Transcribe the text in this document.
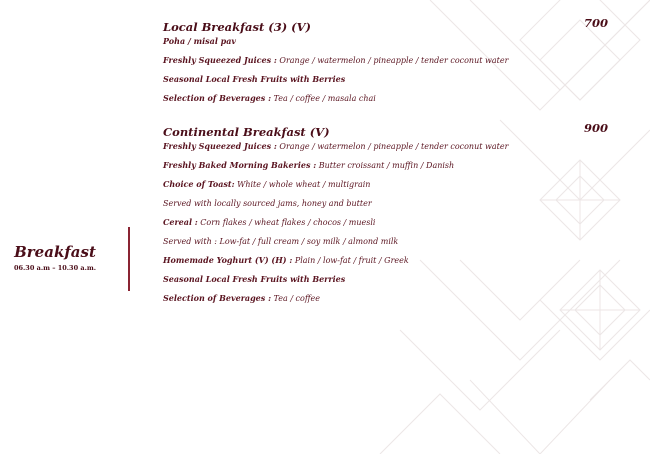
Breakfast
06.30 a.m – 10.30 a.m.
Local Breakfast (3) (V)	700
Poha / misal pav
Freshly Squeezed Juices : Orange / watermelon / pineapple / tender coconut water
Seasonal Local Fresh Fruits with Berries
Selection of Beverages : Tea / coffee / masala chai
Continental Breakfast (V)	900
Freshly Squeezed Juices : Orange / watermelon / pineapple / tender coconut water
Freshly Baked Morning Bakeries : Butter croissant / muffin / Danish
Choice of Toast: White / whole wheat / multigrain
Served with locally sourced jams, honey and butter
Cereal : Corn flakes / wheat flakes / chocos / muesli
Served with : Low-fat / full cream / soy milk / almond milk
Homemade Yoghurt (V) (H) : Plain / low-fat / fruit / Greek
Seasonal Local Fresh Fruits with Berries
Selection of Beverages : Tea / coffee
